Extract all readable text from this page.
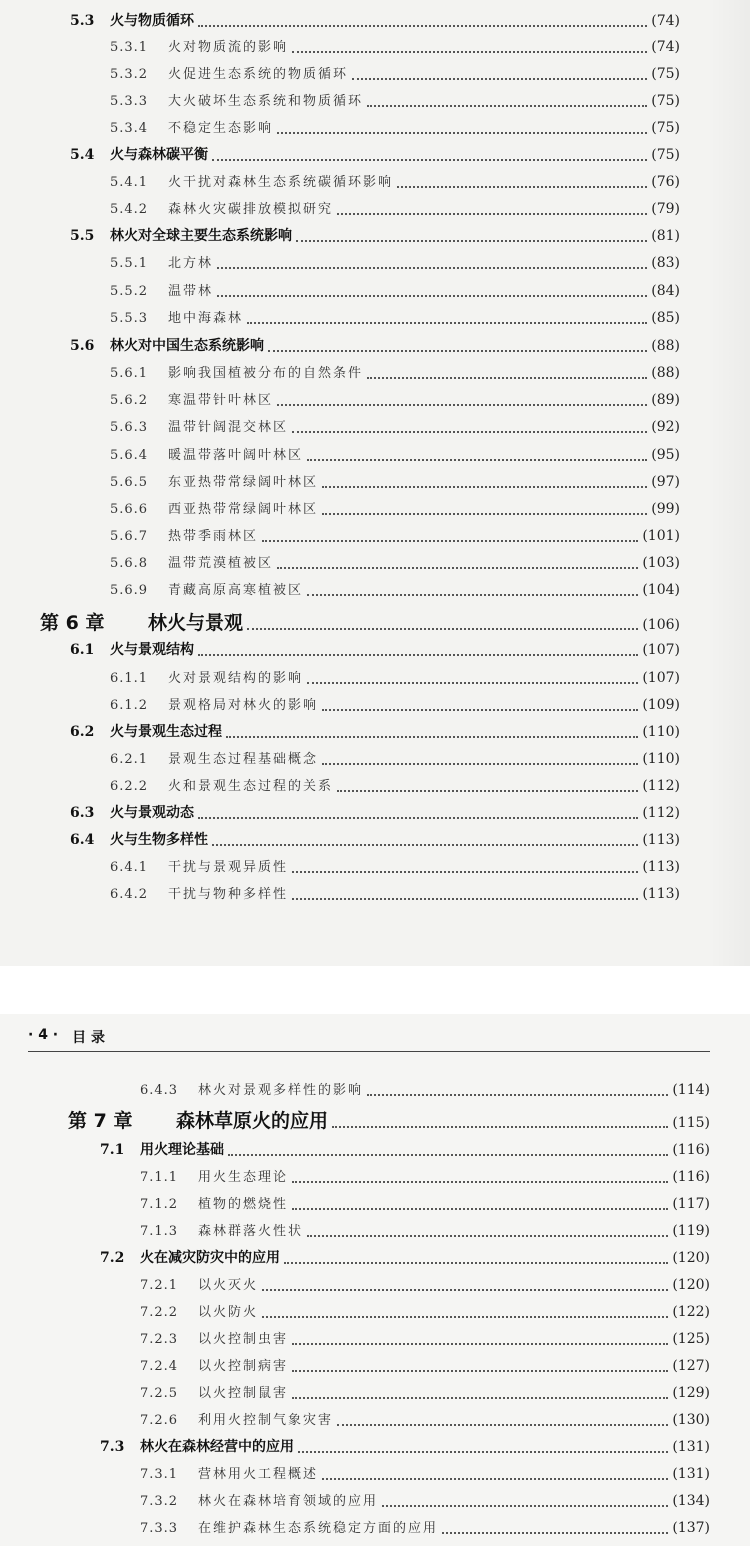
· 4 · 目 录
5.3	火与物质循环	(74)
5.3.1	火对物质流的影响	(74)
5.3.2	火促进生态系统的物质循环	(75)
5.3.3	大火破坏生态系统和物质循环	(75)
5.3.4	不稳定生态影响	(75)
5.4	火与森林碳平衡	(75)
5.4.1	火干扰对森林生态系统碳循环影响	(76)
5.4.2	森林火灾碳排放模拟研究	(79)
5.5	林火对全球主要生态系统影响	(81)
5.5.1	北方林	(83)
5.5.2	温带林	(84)
5.5.3	地中海森林	(85)
5.6	林火对中国生态系统影响	(88)
5.6.1	影响我国植被分布的自然条件	(88)
5.6.2	寒温带针叶林区	(89)
5.6.3	温带针阔混交林区	(92)
5.6.4	暖温带落叶阔叶林区	(95)
5.6.5	东亚热带常绿阔叶林区	(97)
5.6.6	西亚热带常绿阔叶林区	(99)
5.6.7	热带季雨林区	(101)
5.6.8	温带荒漠植被区	(103)
5.6.9	青藏高原高寒植被区	(104)
第 6 章	林火与景观	(106)
6.1	火与景观结构	(107)
6.1.1	火对景观结构的影响	(107)
6.1.2	景观格局对林火的影响	(109)
6.2	火与景观生态过程	(110)
6.2.1	景观生态过程基础概念	(110)
6.2.2	火和景观生态过程的关系	(112)
6.3	火与景观动态	(112)
6.4	火与生物多样性	(113)
6.4.1	干扰与景观异质性	(113)
6.4.2	干扰与物种多样性	(113)
6.4.3	林火对景观多样性的影响	(114)
第 7 章	森林草原火的应用	(115)
7.1	用火理论基础	(116)
7.1.1	用火生态理论	(116)
7.1.2	植物的燃烧性	(117)
7.1.3	森林群落火性状	(119)
7.2	火在减灾防灾中的应用	(120)
7.2.1	以火灭火	(120)
7.2.2	以火防火	(122)
7.2.3	以火控制虫害	(125)
7.2.4	以火控制病害	(127)
7.2.5	以火控制鼠害	(129)
7.2.6	利用火控制气象灾害	(130)
7.3	林火在森林经营中的应用	(131)
7.3.1	营林用火工程概述	(131)
7.3.2	林火在森林培育领域的应用	(134)
7.3.3	在维护森林生态系统稳定方面的应用	(137)
